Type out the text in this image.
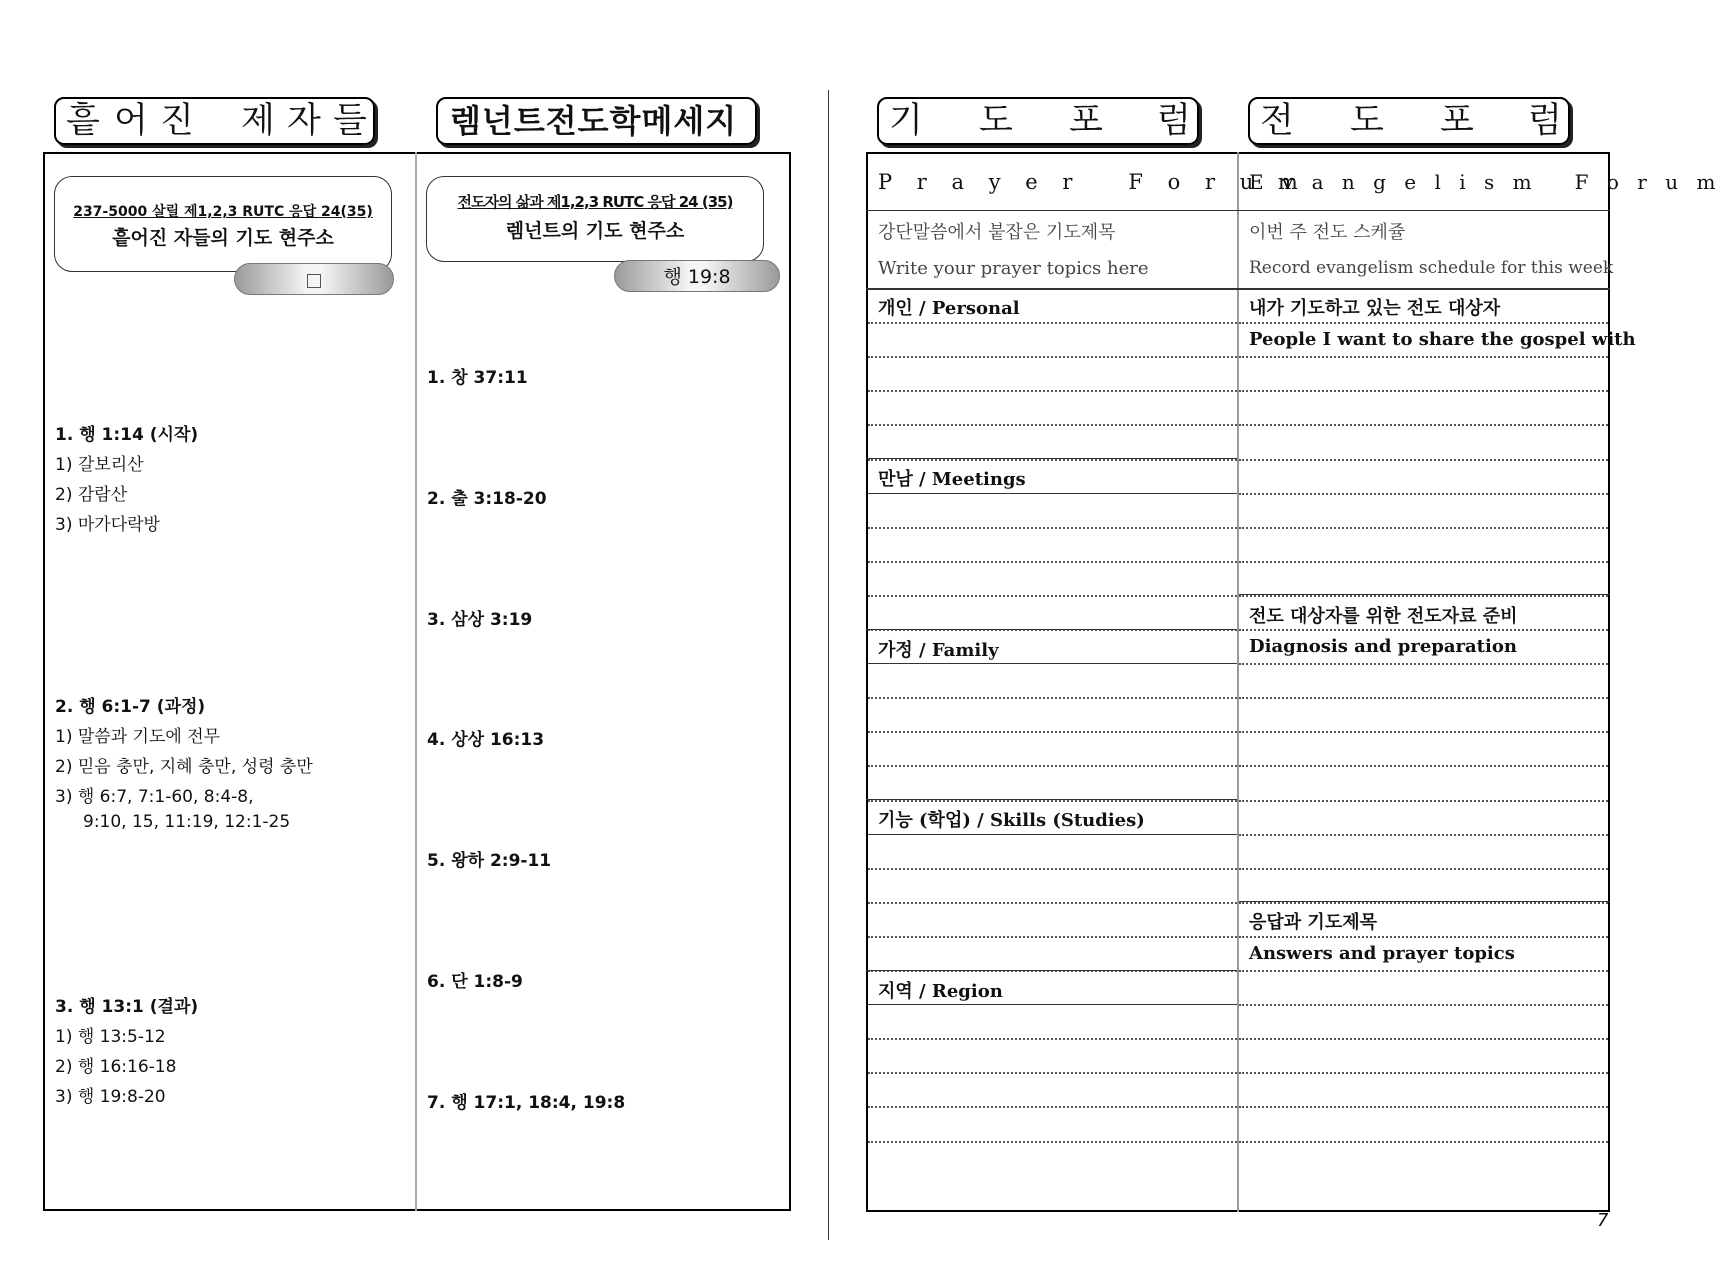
흩 어 진 제 자 들	렘넌트전도학메세지	기 도 포 럼 전 도 포 럼
237-5000 살릴 제1,2,3 RUTC 응답 24(35)
흩어진 자들의 기도 현주소
1. 행 1:14 (시작)
1) 갈보리산
2) 감람산
3) 마가다락방
2. 행 6:1-7 (과정)
1) 말씀과 기도에 전무
2) 믿음 충만, 지혜 충만, 성령 충만
3) 행 6:7, 7:1-60, 8:4-8,
9:10, 15, 11:19, 12:1-25
3. 행 13:1 (결과)
1) 행 13:5-12
2) 행 16:16-18
3) 행 19:8-20
전도자의 삶과 제1,2,3 RUTC 응답 24 (35)
렘넌트의 기도 현주소
행 19:8
1. 창 37:11
2. 출 3:18-20
3. 삼상 3:19
4. 상상 16:13
5. 왕하 2:9-11
6. 단 1:8-9
7. 행 17:1, 18:4, 19:8
P r a y e r   F o r u m
E v a n g e l i s m   F o r u m
강단말씀에서 붙잡은 기도제목
Write your prayer topics here
이번 주 전도 스케쥴
Record evangelism schedule for this week
개인 / Personal
만남 / Meetings
가정 / Family
기능 (학업) / Skills (Studies)
지역 / Region
내가 기도하고 있는 전도 대상자
People I want to share the gospel with
전도 대상자를 위한 전도자료 준비
Diagnosis and preparation
응답과 기도제목
Answers and prayer topics
7
